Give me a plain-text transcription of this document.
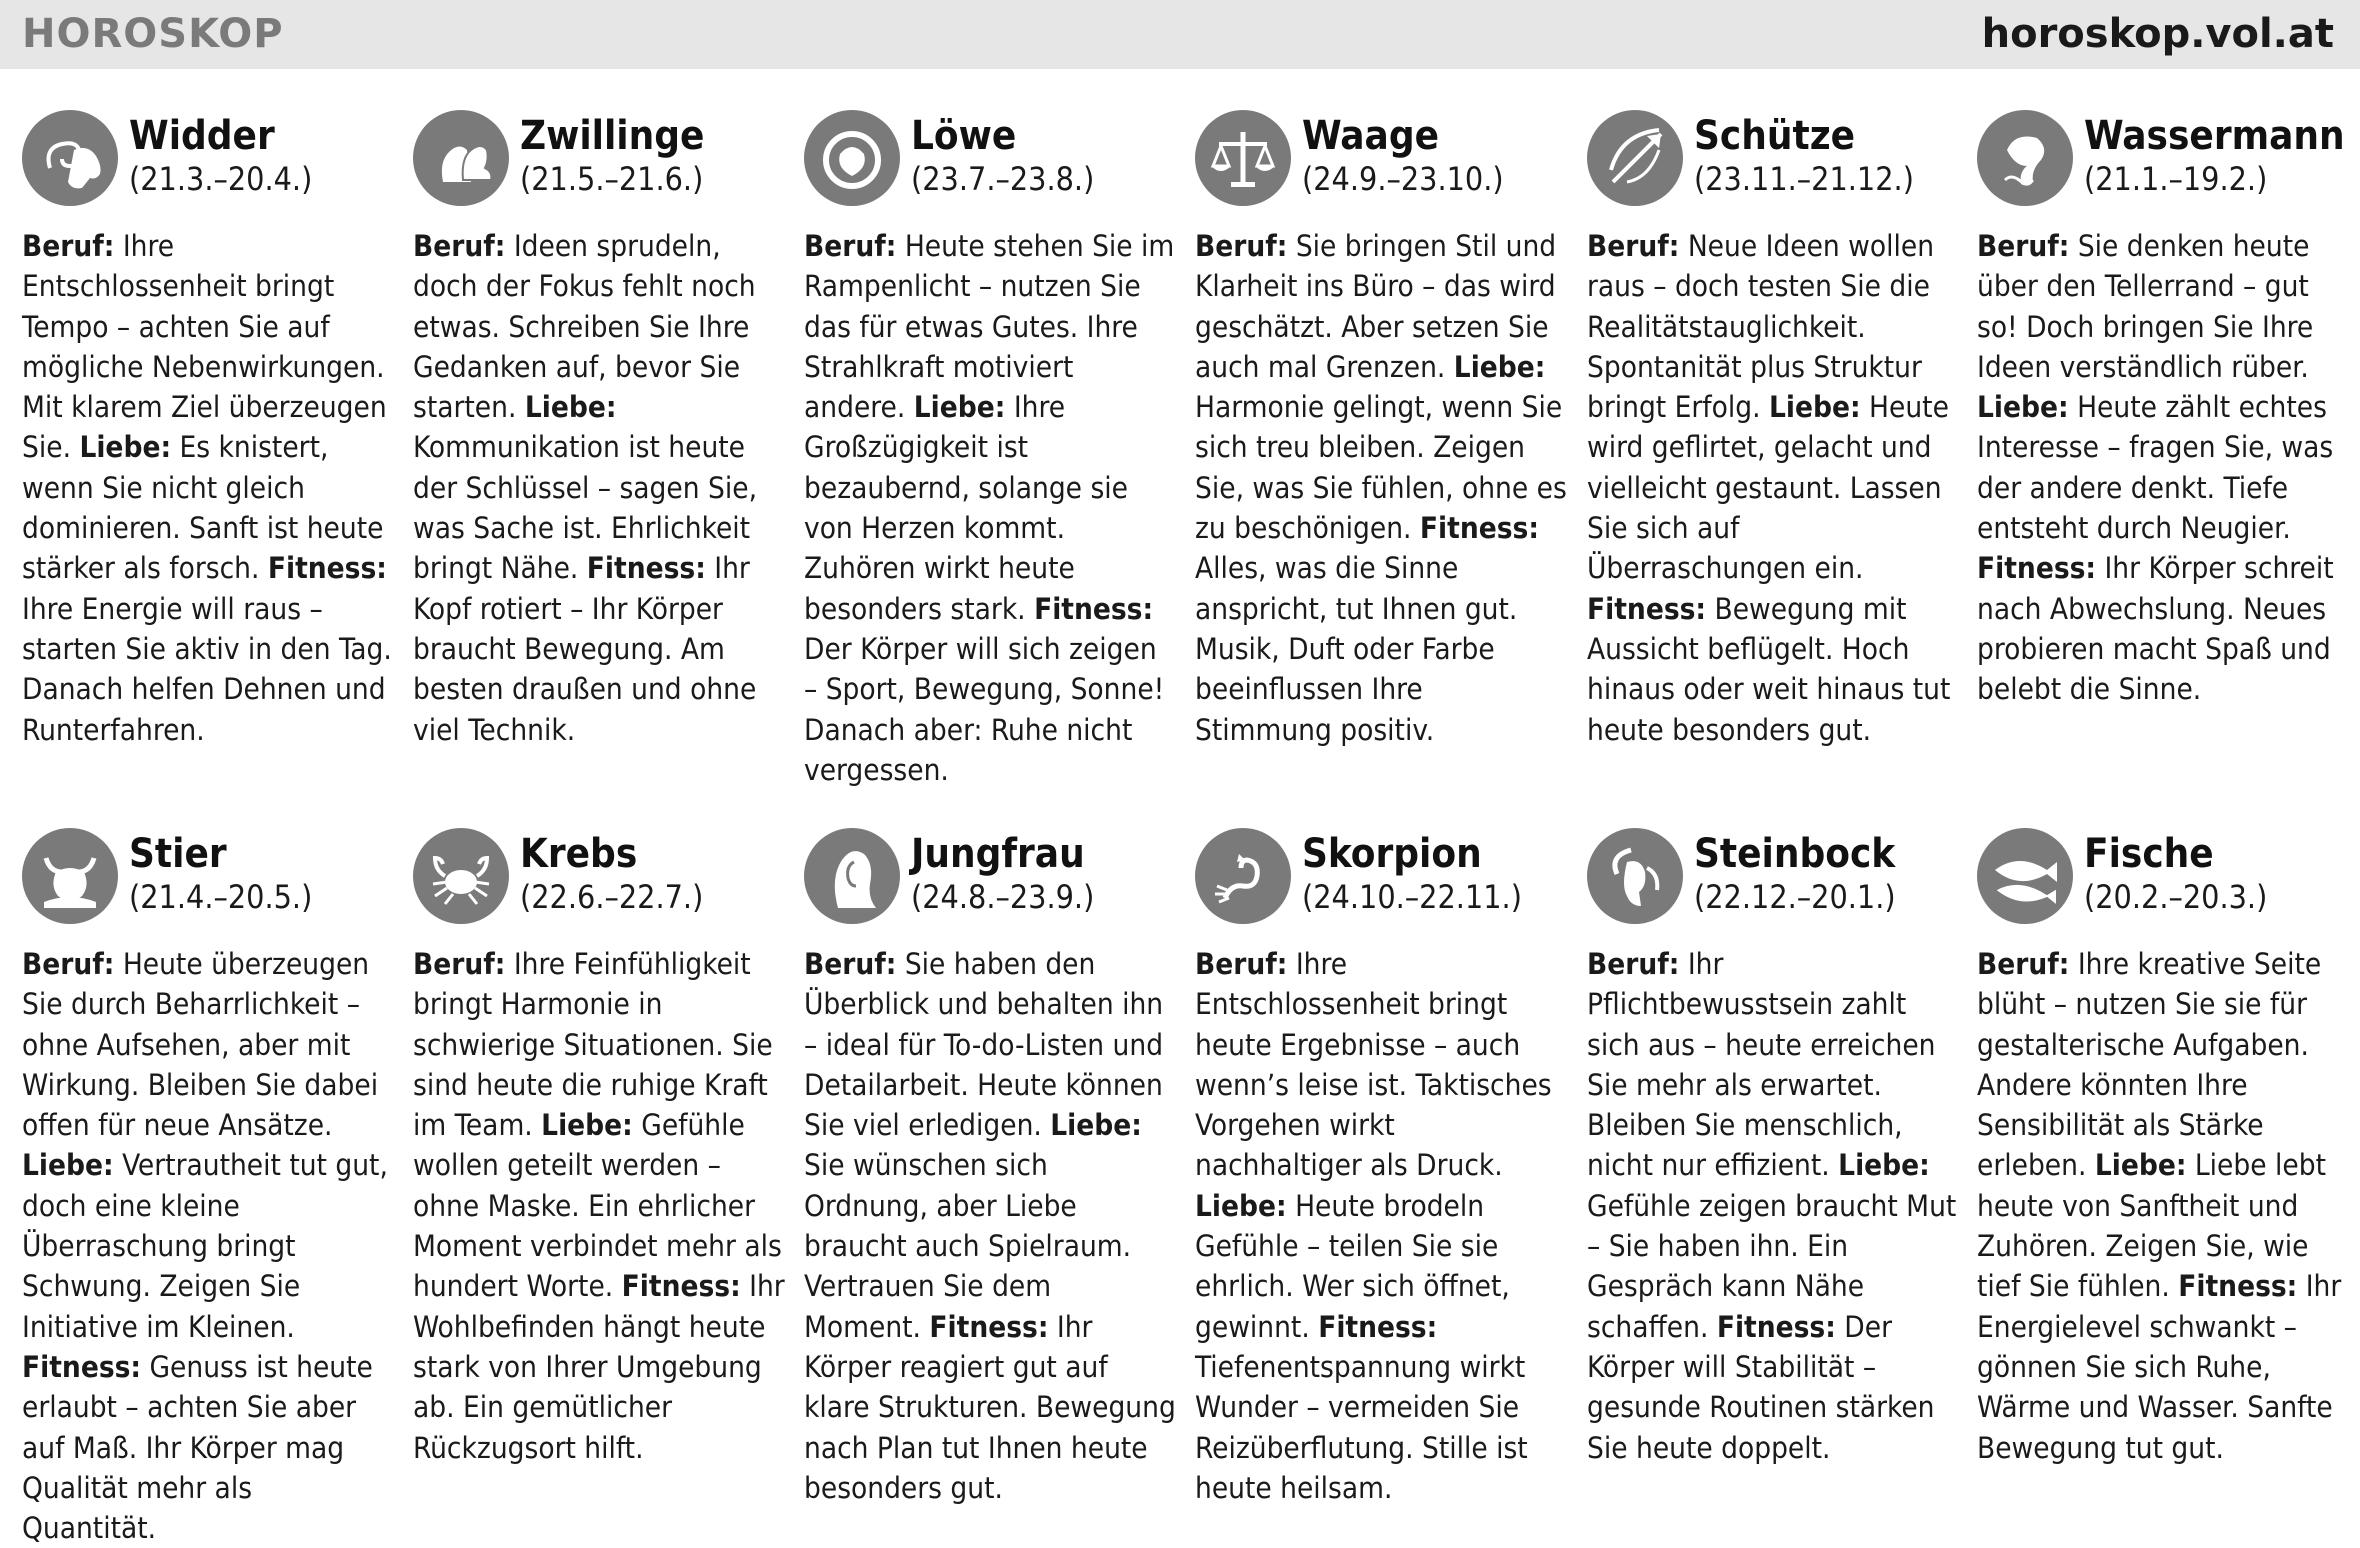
HOROSKOP	horoskop.vol.at
Widder
(21.3.–20.4.)
Beruf: Ihre Entschlossenheit bringt Tempo – achten Sie auf mögliche Nebenwirkungen. Mit klarem Ziel überzeugen Sie. Liebe: Es knistert, wenn Sie nicht gleich dominieren. Sanft ist heute stärker als forsch. Fitness: Ihre Energie will raus – starten Sie aktiv in den Tag. Danach helfen Dehnen und Runterfahren.
Zwillinge
(21.5.–21.6.)
Beruf: Ideen sprudeln, doch der Fokus fehlt noch etwas. Schreiben Sie Ihre Gedanken auf, bevor Sie starten. Liebe: Kommunikation ist heute der Schlüssel – sagen Sie, was Sache ist. Ehrlichkeit bringt Nähe. Fitness: Ihr Kopf rotiert – Ihr Körper braucht Bewegung. Am besten draußen und ohne viel Technik.
Löwe
(23.7.–23.8.)
Beruf: Heute stehen Sie im Rampenlicht – nutzen Sie das für etwas Gutes. Ihre Strahlkraft motiviert andere. Liebe: Ihre Großzügigkeit ist bezaubernd, solange sie von Herzen kommt. Zuhören wirkt heute besonders stark. Fitness: Der Körper will sich zeigen – Sport, Bewegung, Sonne! Danach aber: Ruhe nicht vergessen.
Waage
(24.9.–23.10.)
Beruf: Sie bringen Stil und Klarheit ins Büro – das wird geschätzt. Aber setzen Sie auch mal Grenzen. Liebe: Harmonie gelingt, wenn Sie sich treu bleiben. Zeigen Sie, was Sie fühlen, ohne es zu beschönigen. Fitness: Alles, was die Sinne anspricht, tut Ihnen gut. Musik, Duft oder Farbe beeinflussen Ihre Stimmung positiv.
Schütze
(23.11.–21.12.)
Beruf: Neue Ideen wollen raus – doch testen Sie die Realitätstauglichkeit. Spontanität plus Struktur bringt Erfolg. Liebe: Heute wird geflirtet, gelacht und vielleicht gestaunt. Lassen Sie sich auf Überraschungen ein. Fitness: Bewegung mit Aussicht beflügelt. Hoch hinaus oder weit hinaus tut heute besonders gut.
Wassermann
(21.1.–19.2.)
Beruf: Sie denken heute über den Tellerrand – gut so! Doch bringen Sie Ihre Ideen verständlich rüber. Liebe: Heute zählt echtes Interesse – fragen Sie, was der andere denkt. Tiefe entsteht durch Neugier. Fitness: Ihr Körper schreit nach Abwechslung. Neues probieren macht Spaß und belebt die Sinne.
Stier
(21.4.–20.5.)
Beruf: Heute überzeugen Sie durch Beharrlichkeit – ohne Aufsehen, aber mit Wirkung. Bleiben Sie dabei offen für neue Ansätze. Liebe: Vertrautheit tut gut, doch eine kleine Überraschung bringt Schwung. Zeigen Sie Initiative im Kleinen. Fitness: Genuss ist heute erlaubt – achten Sie aber auf Maß. Ihr Körper mag Qualität mehr als Quantität.
Krebs
(22.6.–22.7.)
Beruf: Ihre Feinfühligkeit bringt Harmonie in schwierige Situationen. Sie sind heute die ruhige Kraft im Team. Liebe: Gefühle wollen geteilt werden – ohne Maske. Ein ehrlicher Moment verbindet mehr als hundert Worte. Fitness: Ihr Wohlbefinden hängt heute stark von Ihrer Umgebung ab. Ein gemütlicher Rückzugsort hilft.
Jungfrau
(24.8.–23.9.)
Beruf: Sie haben den Überblick und behalten ihn – ideal für To-do-Listen und Detailarbeit. Heute können Sie viel erledigen. Liebe: Sie wünschen sich Ordnung, aber Liebe braucht auch Spielraum. Vertrauen Sie dem Moment. Fitness: Ihr Körper reagiert gut auf klare Strukturen. Bewegung nach Plan tut Ihnen heute besonders gut.
Skorpion
(24.10.–22.11.)
Beruf: Ihre Entschlossenheit bringt heute Ergebnisse – auch wenn’s leise ist. Taktisches Vorgehen wirkt nachhaltiger als Druck. Liebe: Heute brodeln Gefühle – teilen Sie sie ehrlich. Wer sich öffnet, gewinnt. Fitness: Tiefenentspannung wirkt Wunder – vermeiden Sie Reizüberflutung. Stille ist heute heilsam.
Steinbock
(22.12.–20.1.)
Beruf: Ihr Pflichtbewusstsein zahlt sich aus – heute erreichen Sie mehr als erwartet. Bleiben Sie menschlich, nicht nur effizient. Liebe: Gefühle zeigen braucht Mut – Sie haben ihn. Ein Gespräch kann Nähe schaffen. Fitness: Der Körper will Stabilität – gesunde Routinen stärken Sie heute doppelt.
Fische
(20.2.–20.3.)
Beruf: Ihre kreative Seite blüht – nutzen Sie sie für gestalterische Aufgaben. Andere könnten Ihre Sensibilität als Stärke erleben. Liebe: Liebe lebt heute von Sanftheit und Zuhören. Zeigen Sie, wie tief Sie fühlen. Fitness: Ihr Energielevel schwankt – gönnen Sie sich Ruhe, Wärme und Wasser. Sanfte Bewegung tut gut.
